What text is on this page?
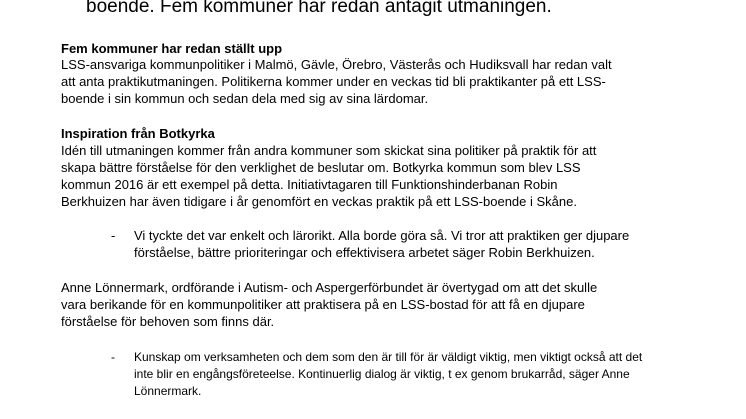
boende. Fem kommuner har redan antagit utmaningen.
Fem kommuner har redan ställt upp
LSS-ansvariga kommunpolitiker i Malmö, Gävle, Örebro, Västerås och Hudiksvall har redan valt
att anta praktikutmaningen. Politikerna kommer under en veckas tid bli praktikanter på ett LSS-
boende i sin kommun och sedan dela med sig av sina lärdomar.
Inspiration från Botkyrka
Idén till utmaningen kommer från andra kommuner som skickat sina politiker på praktik för att
skapa bättre förståelse för den verklighet de beslutar om. Botkyrka kommun som blev LSS
kommun 2016 är ett exempel på detta. Initiativtagaren till Funktionshinderbanan Robin
Berkhuizen har även tidigare i år genomfört en veckas praktik på ett LSS-boende i Skåne.
- Vi tyckte det var enkelt och lärorikt. Alla borde göra så. Vi tror att praktiken ger djupare
förståelse, bättre prioriteringar och effektivisera arbetet säger Robin Berkhuizen.
Anne Lönnermark, ordförande i Autism- och Aspergerförbundet är övertygad om att det skulle
vara berikande för en kommunpolitiker att praktisera på en LSS-bostad för att få en djupare
förståelse för behoven som finns där.
- Kunskap om verksamheten och dem som den är till för är väldigt viktig, men viktigt också att det
inte blir en engångsföreteelse. Kontinuerlig dialog är viktig, t ex genom brukarråd, säger Anne
Lönnermark.
